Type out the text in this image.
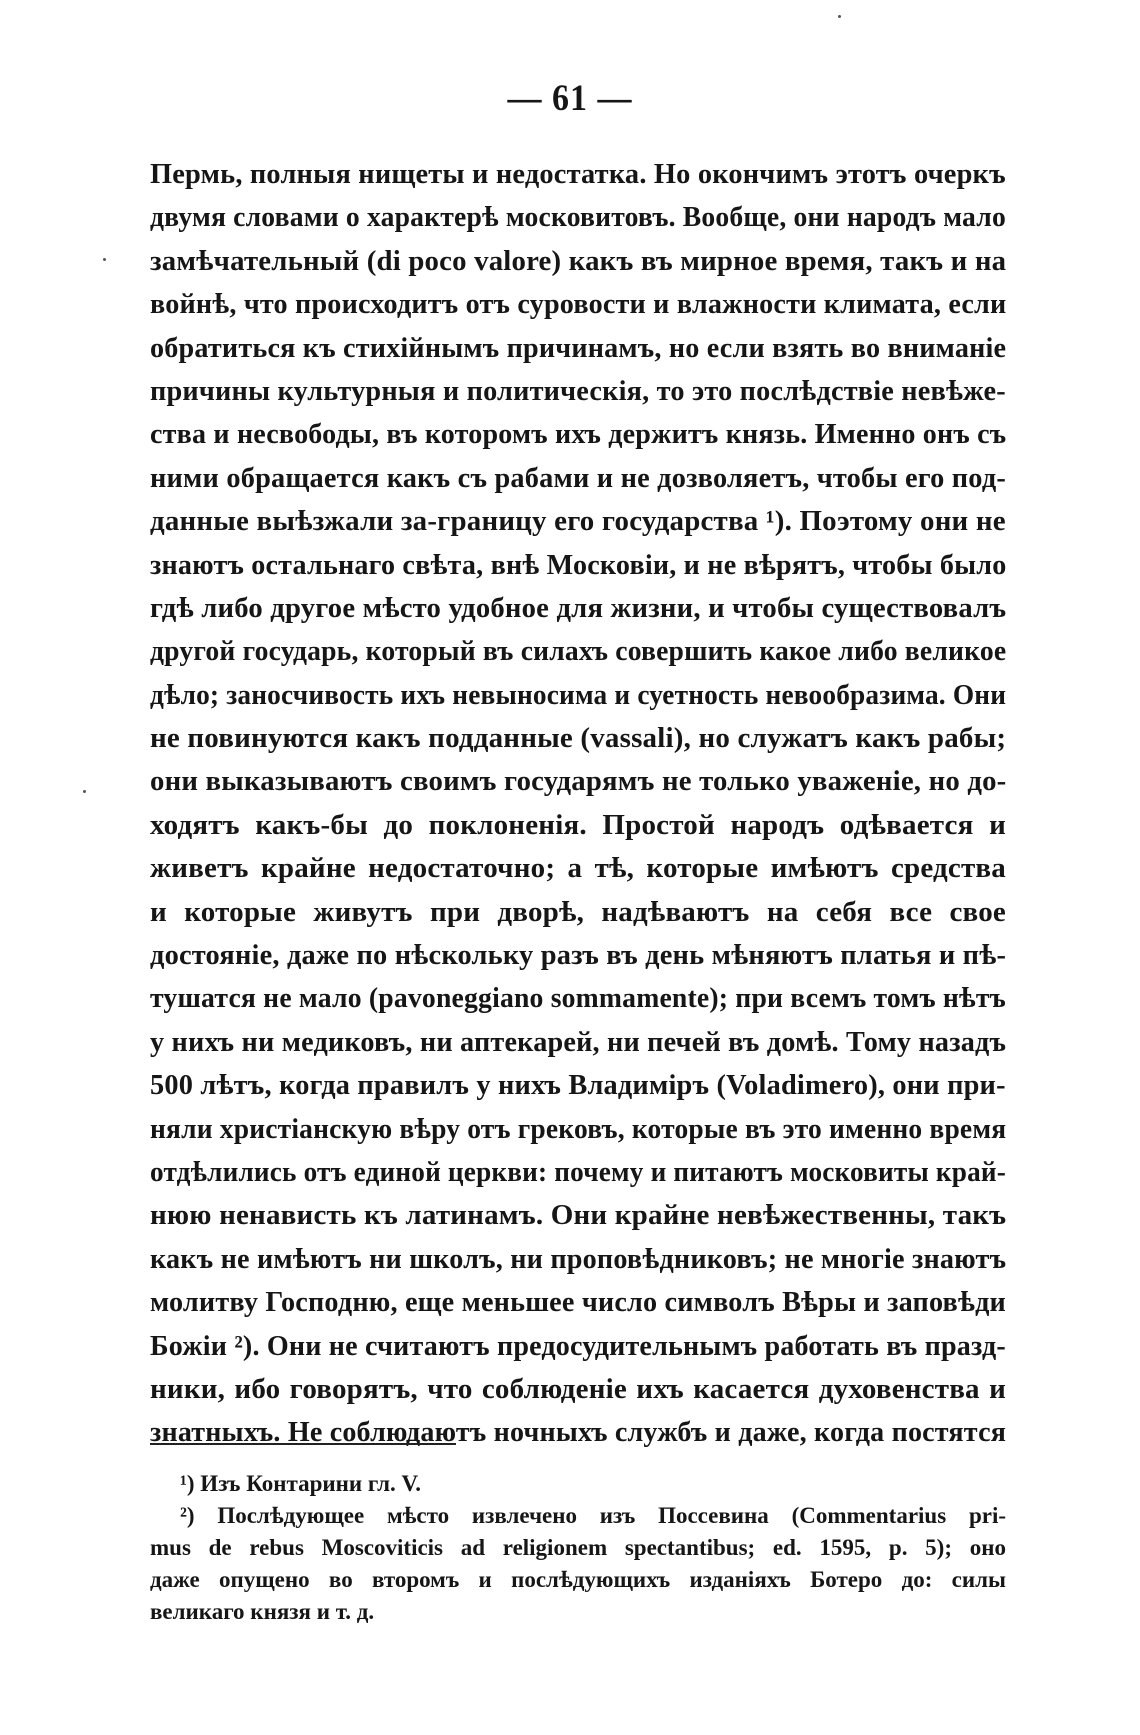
— 61 —
Пермь, полныя нищеты и недостатка. Но окончимъ этотъ очеркъ
двумя словами о характерѣ московитовъ. Вообще, они народъ мало
замѣчательный (di poco valore) какъ въ мирное время, такъ и на
войнѣ, что происходитъ отъ суровости и влажности климата, если
обратиться къ стихійнымъ причинамъ, но если взять во вниманіе
причины культурныя и политическія, то это послѣдствіе невѣже-
ства и несвободы, въ которомъ ихъ держитъ князь. Именно онъ съ
ними обращается какъ съ рабами и не дозволяетъ, чтобы его под-
данные выѣзжали за-границу его государства ¹). Поэтому они не
знаютъ остальнаго свѣта, внѣ Московіи, и не вѣрятъ, чтобы было
гдѣ либо другое мѣсто удобное для жизни, и чтобы существовалъ
другой государь, который въ силахъ совершить какое либо великое
дѣло; заносчивость ихъ невыносима и суетность невообразима. Они
не повинуются какъ подданные (vassali), но служатъ какъ рабы;
они выказываютъ своимъ государямъ не только уваженіе, но до-
ходятъ какъ-бы до поклоненія. Простой народъ одѣвается и
живетъ крайне недостаточно; а тѣ, которые имѣютъ средства
и которые живутъ при дворѣ, надѣваютъ на себя все свое
достояніе, даже по нѣскольку разъ въ день мѣняютъ платья и пѣ-
тушатся не мало (pavoneggiano sommamente); при всемъ томъ нѣтъ
у нихъ ни медиковъ, ни аптекарей, ни печей въ домѣ. Тому назадъ
500 лѣтъ, когда правилъ у нихъ Владиміръ (Voladimero), они при-
няли христіанскую вѣру отъ грековъ, которые въ это именно время
отдѣлились отъ единой церкви: почему и питаютъ московиты край-
нюю ненависть къ латинамъ. Они крайне невѣжественны, такъ
какъ не имѣютъ ни школъ, ни проповѣдниковъ; не многіе знаютъ
молитву Господню, еще меньшее число символъ Вѣры и заповѣди
Божіи ²). Они не считаютъ предосудительнымъ работать въ празд-
ники, ибо говорятъ, что соблюденіе ихъ касается духовенства и
знатныхъ. Не соблюдаютъ ночныхъ службъ и даже, когда постятся
¹) Изъ Контарини гл. V.
²) Послѣдующее мѣсто извлечено изъ Поссевина (Commentarius pri-
mus de rebus Moscoviticis ad religionem spectantibus; ed. 1595, p. 5); оно
даже опущено во второмъ и послѣдующихъ изданіяхъ Ботеро до: силы
великаго князя и т. д.
